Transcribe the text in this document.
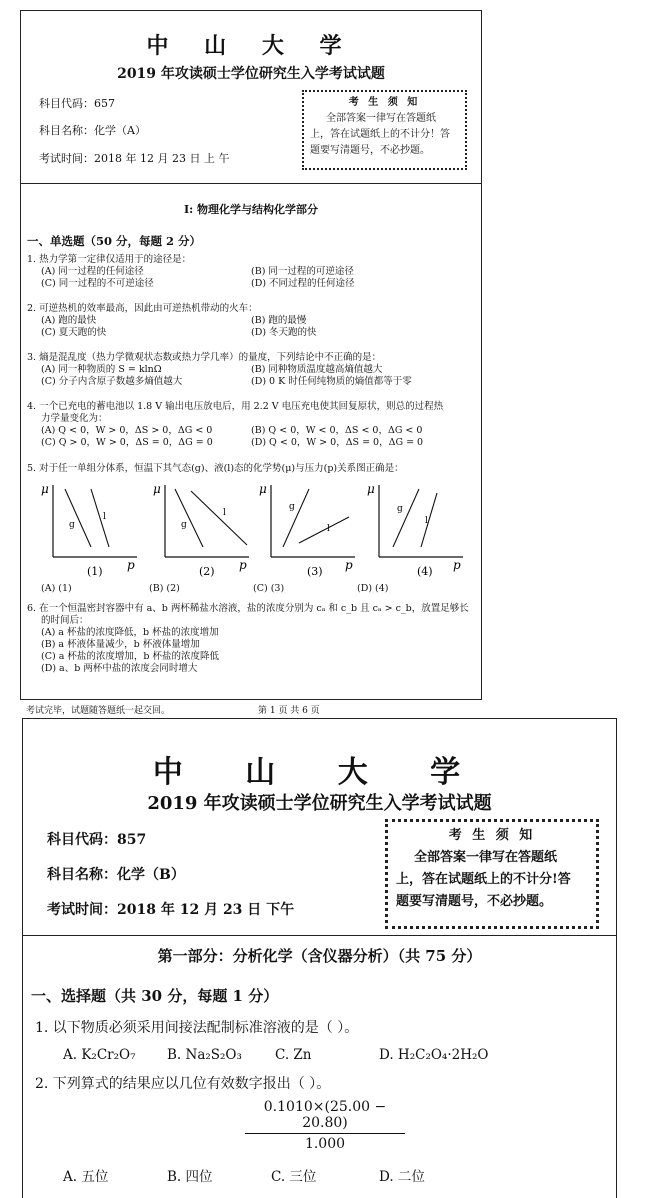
中 山 大 学
2019 年攻读硕士学位研究生入学考试试题
科目代码：657
科目名称：化学（A）
考试时间：2018 年 12 月 23 日 上 午
考 生 须 知
全部答案一律写在答题纸
上，答在试题纸上的不计分！答
题要写清题号，不必抄题。
I: 物理化学与结构化学部分
一、单选题（50 分，每题 2 分）
1. 热力学第一定律仅适用于的途径是：
(A) 同一过程的任何途径	(B) 同一过程的可逆途径
(C) 同一过程的不可逆途径	(D) 不同过程的任何途径
2. 可逆热机的效率最高，因此由可逆热机带动的火车：
(A) 跑的最快	(B) 跑的最慢
(C) 夏天跑的快	(D) 冬天跑的快
3. 熵是混乱度（热力学微观状态数或热力学几率）的量度，下列结论中不正确的是：
(A) 同一种物质的 S = klnΩ	(B) 同种物质温度越高熵值越大
(C) 分子内含原子数越多熵值越大	(D) 0 K 时任何纯物质的熵值都等于零
4. 一个已充电的蓄电池以 1.8 V 输出电压放电后，用 2.2 V 电压充电使其回复原状，则总的过程热
力学量变化为：
(A) Q < 0，W > 0，ΔS > 0，ΔG < 0	(B) Q < 0，W < 0，ΔS < 0，ΔG < 0
(C) Q > 0，W > 0，ΔS = 0，ΔG = 0	(D) Q < 0，W > 0，ΔS = 0，ΔG = 0
5. 对于任一单组分体系，恒温下其气态(g)、液(l)态的化学势(μ)与压力(p)关系图正确是：
μ
p
g
l
(1)
μ
p
g
l
(2)
μ
p
g
l
(3)
μ
p
g
l
(4)
(A) (1)	(B) (2)	(C) (3)	(D) (4)
6. 在一个恒温密封容器中有 a、b 两杯稀盐水溶液，盐的浓度分别为 cₐ 和 c_b 且 cₐ > c_b，放置足够长
的时间后：
(A) a 杯盐的浓度降低，b 杯盐的浓度增加
(B) a 杯液体量减少，b 杯液体量增加
(C) a 杯盐的浓度增加，b 杯盐的浓度降低
(D) a、b 两杯中盐的浓度会同时增大
考试完毕，试题随答题纸一起交回。	第 1 页 共 6 页
中 山 大 学
2019 年攻读硕士学位研究生入学考试试题
科目代码：857
科目名称：化学（B）
考试时间：2018 年 12 月 23 日 下午
考 生 须 知
全部答案一律写在答题纸
上，答在试题纸上的不计分!答
题要写清题号，不必抄题。
第一部分：分析化学（含仪器分析）（共 75 分）
一、选择题（共 30 分，每题 1 分）
1. 以下物质必须采用间接法配制标准溶液的是（ ）。
A. K₂Cr₂O₇	B. Na₂S₂O₃	C. Zn	D. H₂C₂O₄·2H₂O
2. 下列算式的结果应以几位有效数字报出（ ）。
0.1010×(25.00 − 20.80)
1.000
A. 五位	B. 四位	C. 三位	D. 二位
